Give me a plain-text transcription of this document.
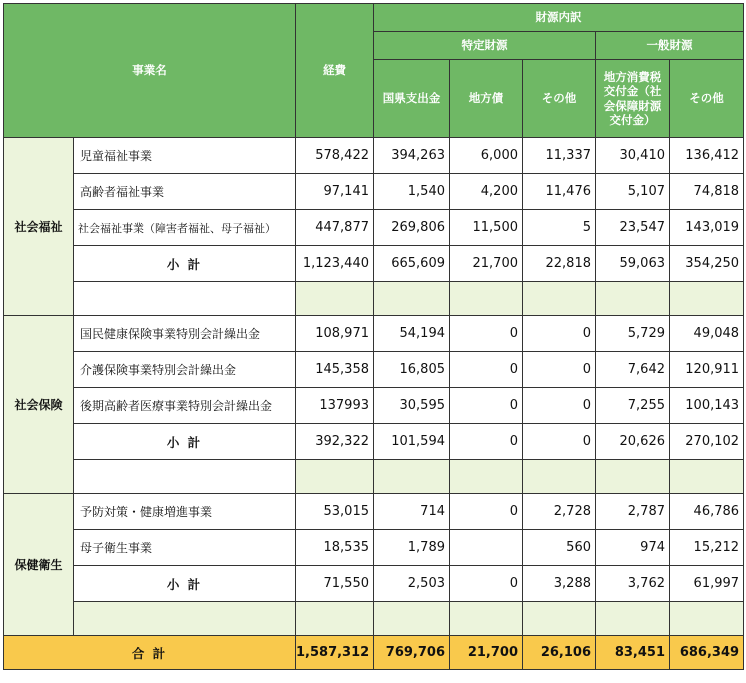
事業名		経費	財源内訳				
			特定財源			一般財源	
			国県支出金	地方債	その他	地方消費税交付金（社会保障財源交付金）	その他
社会福祉	児童福祉事業	578,422	394,263	6,000	11,337	30,410	136,412
	高齢者福祉事業	97,141	1,540	4,200	11,476	5,107	74,818
	社会福祉事業（障害者福祉、母子福祉）	447,877	269,806	11,500	5	23,547	143,019
	小 計	1,123,440	665,609	21,700	22,818	59,063	354,250

社会保険	国民健康保険事業特別会計繰出金	108,971	54,194	0	0	5,729	49,048
	介護保険事業特別会計繰出金	145,358	16,805	0	0	7,642	120,911
	後期高齢者医療事業特別会計繰出金	137993	30,595	0	0	7,255	100,143
	小 計	392,322	101,594	0	0	20,626	270,102

保健衛生	予防対策・健康増進事業	53,015	714	0	2,728	2,787	46,786
	母子衛生事業	18,535	1,789		560	974	15,212
	小 計	71,550	2,503	0	3,288	3,762	61,997

合 計		1,587,312	769,706	21,700	26,106	83,451	686,349
